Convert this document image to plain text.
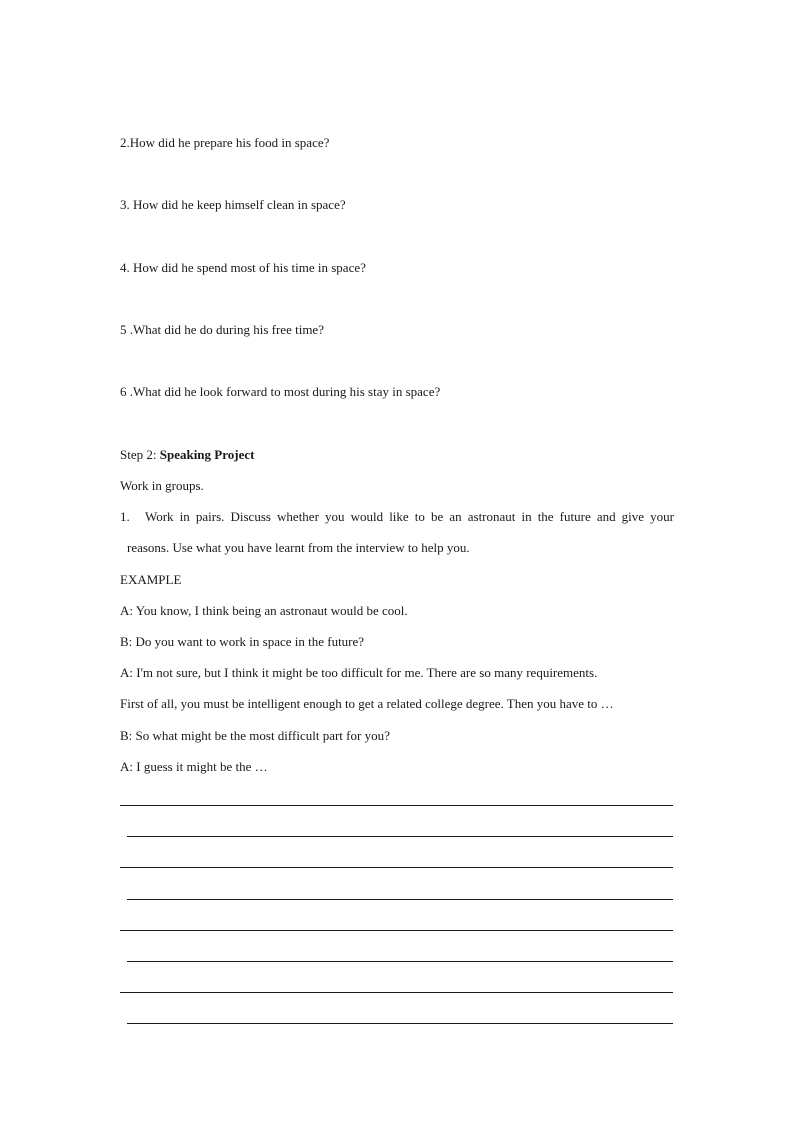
2.How did he prepare his food in space?
3. How did he keep himself clean in space?
4. How did he spend most of his time in space?
5 .What did he do during his free time?
6 .What did he look forward to most during his stay in space?
Step 2: Speaking Project
Work in groups.
1. Work in pairs. Discuss whether you would like to be an astronaut in the future and give your
reasons. Use what you have learnt from the interview to help you.
EXAMPLE
A: You know, I think being an astronaut would be cool.
B: Do you want to work in space in the future?
A: I'm not sure, but I think it might be too difficult for me. There are so many requirements.
First of all, you must be intelligent enough to get a related college degree. Then you have to …
B: So what might be the most difficult part for you?
A: I guess it might be the …
